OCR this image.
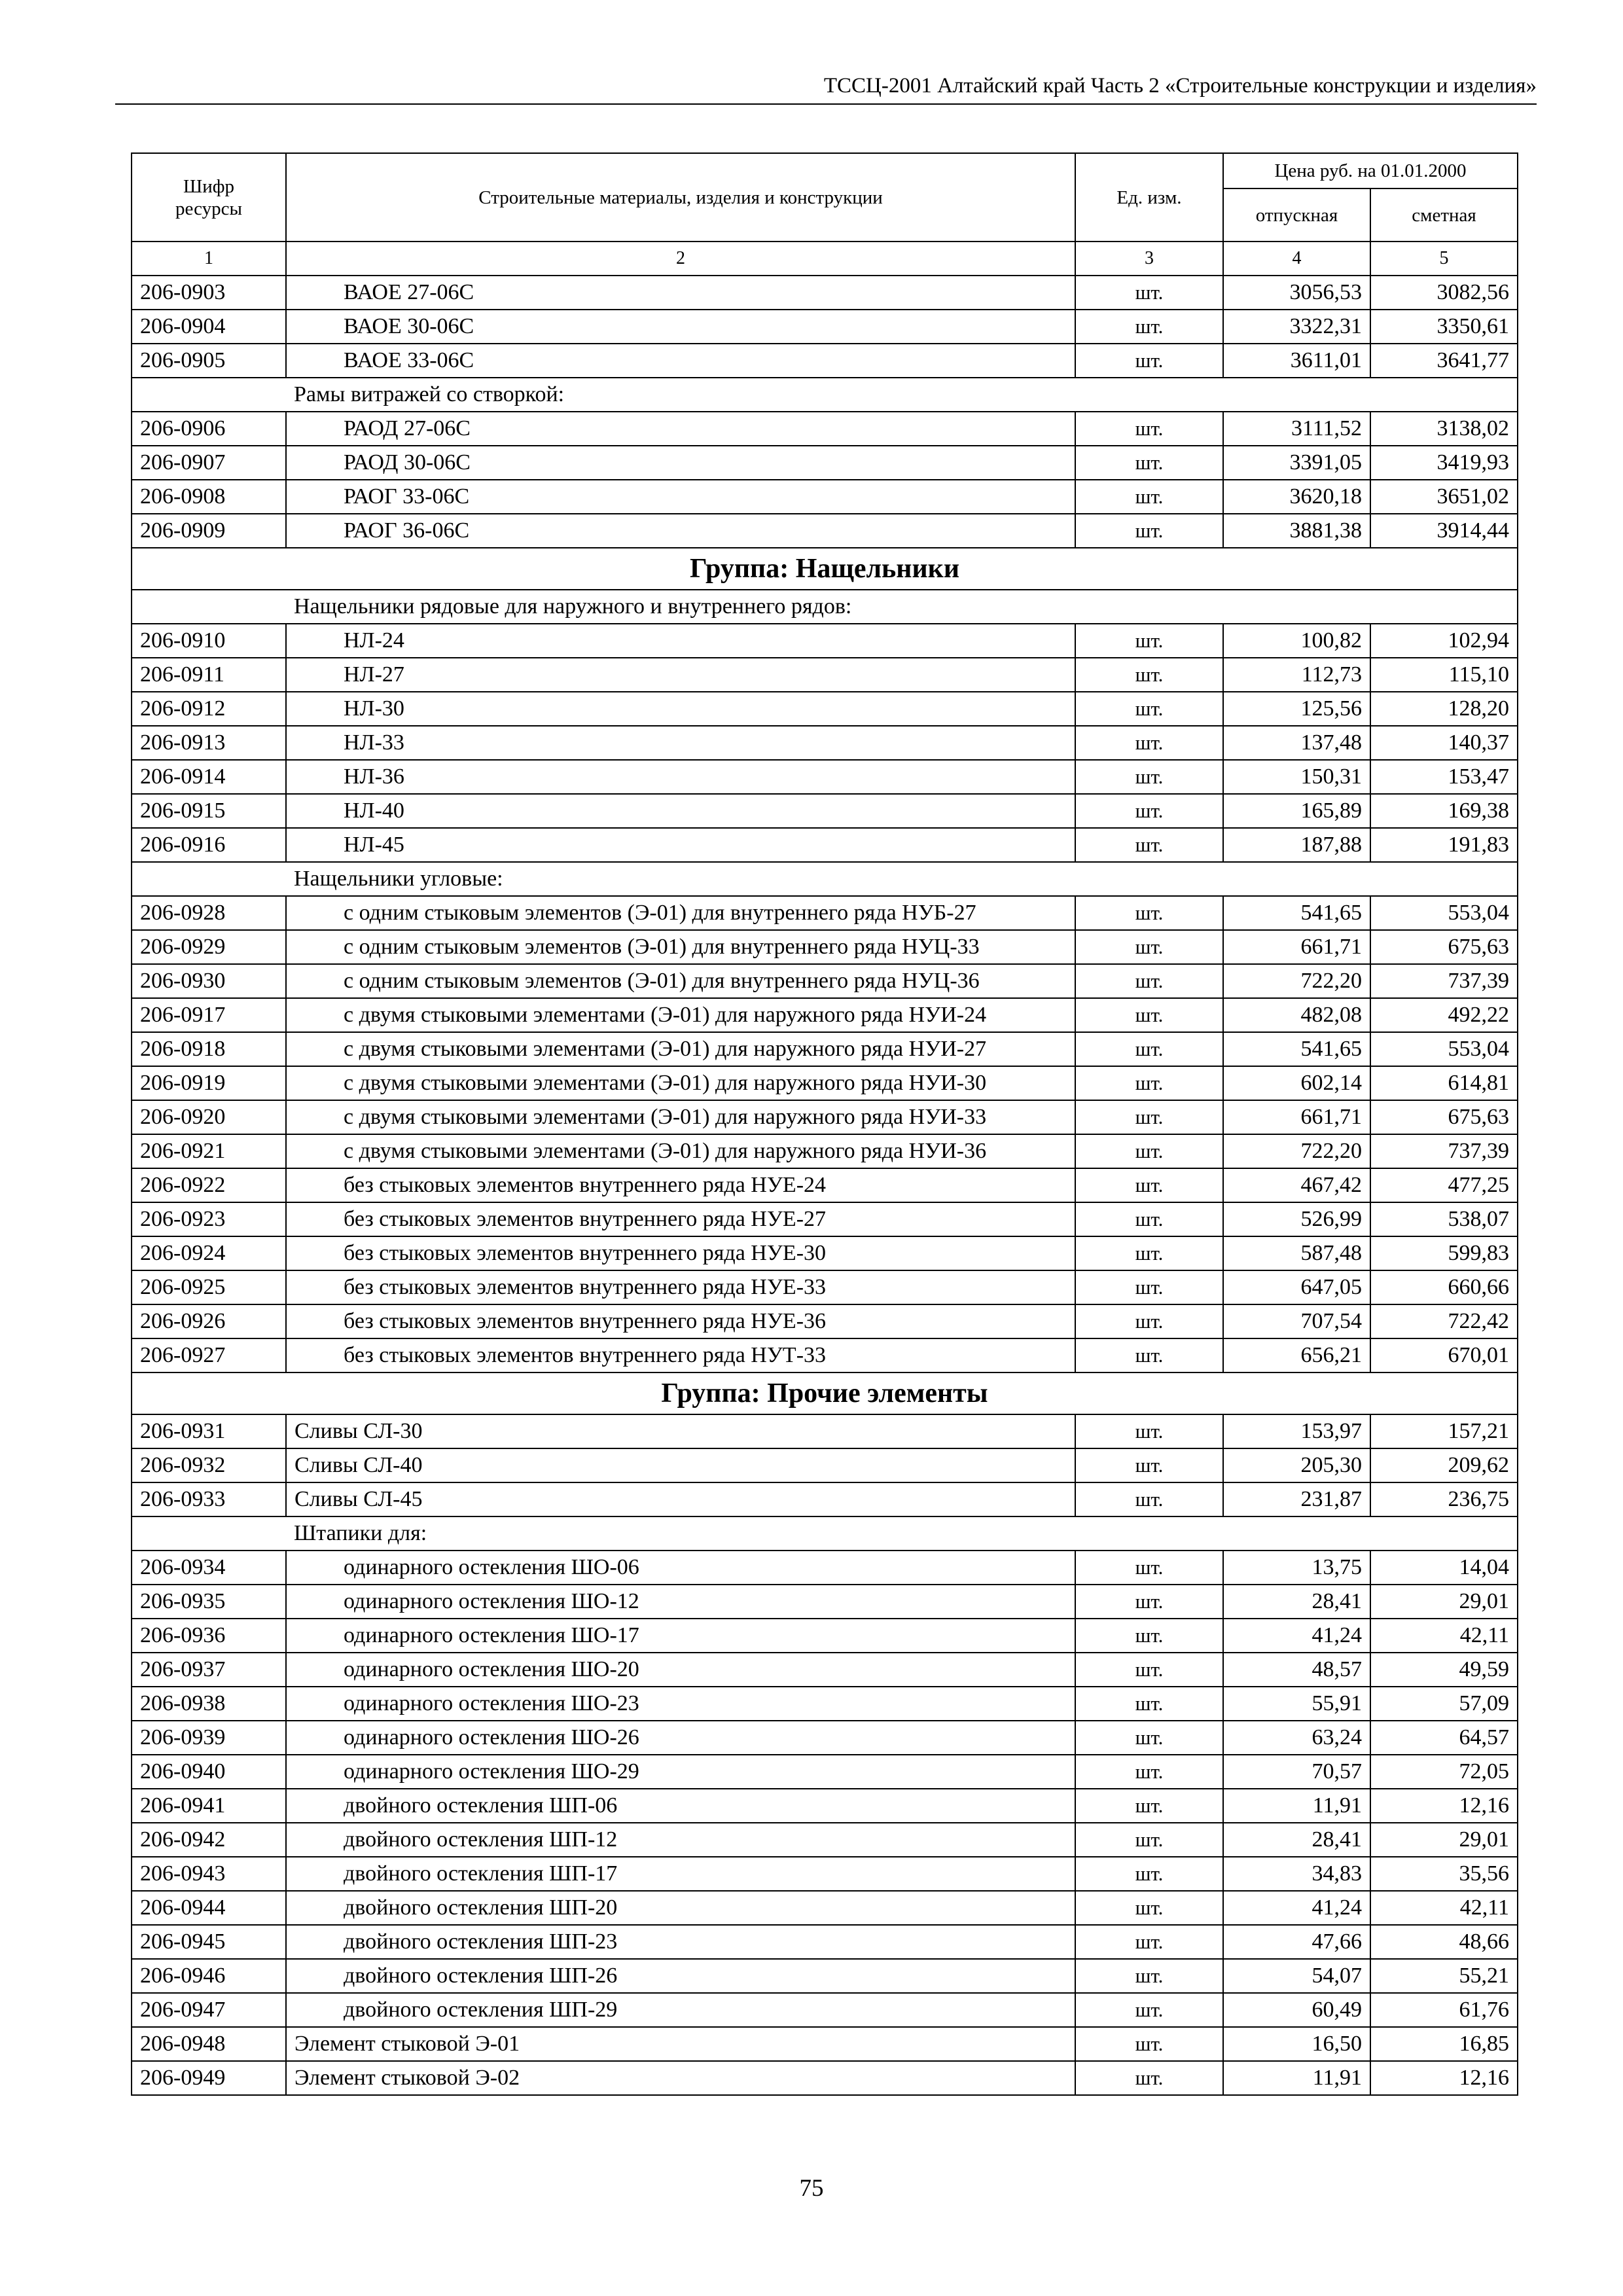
ТССЦ-2001 Алтайский край Часть 2 «Строительные конструкции и изделия»
Шифр ресурсы	Строительные материалы, изделия и конструкции	Ед. изм.	Цена руб. на 01.01.2000	
			отпускная	сметная
1	2	3	4	5
206-0903	ВАОЕ 27-06С	шт.	3056,53	3082,56
206-0904	ВАОЕ 30-06С	шт.	3322,31	3350,61
206-0905	ВАОЕ 33-06С	шт.	3611,01	3641,77
	Рамы витражей со створкой:			
206-0906	РАОД 27-06С	шт.	3111,52	3138,02
206-0907	РАОД 30-06С	шт.	3391,05	3419,93
206-0908	РАОГ 33-06С	шт.	3620,18	3651,02
206-0909	РАОГ 36-06С	шт.	3881,38	3914,44
Группа: Нащельники				
	Нащельники рядовые для наружного и внутреннего рядов:			
206-0910	НЛ-24	шт.	100,82	102,94
206-0911	НЛ-27	шт.	112,73	115,10
206-0912	НЛ-30	шт.	125,56	128,20
206-0913	НЛ-33	шт.	137,48	140,37
206-0914	НЛ-36	шт.	150,31	153,47
206-0915	НЛ-40	шт.	165,89	169,38
206-0916	НЛ-45	шт.	187,88	191,83
	Нащельники угловые:			
206-0928	с одним стыковым элементов (Э-01) для внутреннего ряда НУБ-27	шт.	541,65	553,04
206-0929	с одним стыковым элементов (Э-01) для внутреннего ряда НУЦ-33	шт.	661,71	675,63
206-0930	с одним стыковым элементов (Э-01) для внутреннего ряда НУЦ-36	шт.	722,20	737,39
206-0917	с двумя стыковыми элементами (Э-01) для наружного ряда НУИ-24	шт.	482,08	492,22
206-0918	с двумя стыковыми элементами (Э-01) для наружного ряда НУИ-27	шт.	541,65	553,04
206-0919	с двумя стыковыми элементами (Э-01) для наружного ряда НУИ-30	шт.	602,14	614,81
206-0920	с двумя стыковыми элементами (Э-01) для наружного ряда НУИ-33	шт.	661,71	675,63
206-0921	с двумя стыковыми элементами (Э-01) для наружного ряда НУИ-36	шт.	722,20	737,39
206-0922	без стыковых элементов внутреннего ряда НУЕ-24	шт.	467,42	477,25
206-0923	без стыковых элементов внутреннего ряда НУЕ-27	шт.	526,99	538,07
206-0924	без стыковых элементов внутреннего ряда НУЕ-30	шт.	587,48	599,83
206-0925	без стыковых элементов внутреннего ряда НУЕ-33	шт.	647,05	660,66
206-0926	без стыковых элементов внутреннего ряда НУЕ-36	шт.	707,54	722,42
206-0927	без стыковых элементов внутреннего ряда НУТ-33	шт.	656,21	670,01
Группа: Прочие элементы				
206-0931	Сливы СЛ-30	шт.	153,97	157,21
206-0932	Сливы СЛ-40	шт.	205,30	209,62
206-0933	Сливы СЛ-45	шт.	231,87	236,75
	Штапики для:			
206-0934	одинарного остекления ШО-06	шт.	13,75	14,04
206-0935	одинарного остекления ШО-12	шт.	28,41	29,01
206-0936	одинарного остекления ШО-17	шт.	41,24	42,11
206-0937	одинарного остекления ШО-20	шт.	48,57	49,59
206-0938	одинарного остекления ШО-23	шт.	55,91	57,09
206-0939	одинарного остекления ШО-26	шт.	63,24	64,57
206-0940	одинарного остекления ШО-29	шт.	70,57	72,05
206-0941	двойного остекления ШП-06	шт.	11,91	12,16
206-0942	двойного остекления ШП-12	шт.	28,41	29,01
206-0943	двойного остекления ШП-17	шт.	34,83	35,56
206-0944	двойного остекления ШП-20	шт.	41,24	42,11
206-0945	двойного остекления ШП-23	шт.	47,66	48,66
206-0946	двойного остекления ШП-26	шт.	54,07	55,21
206-0947	двойного остекления ШП-29	шт.	60,49	61,76
206-0948	Элемент стыковой Э-01	шт.	16,50	16,85
206-0949	Элемент стыковой Э-02	шт.	11,91	12,16
75
